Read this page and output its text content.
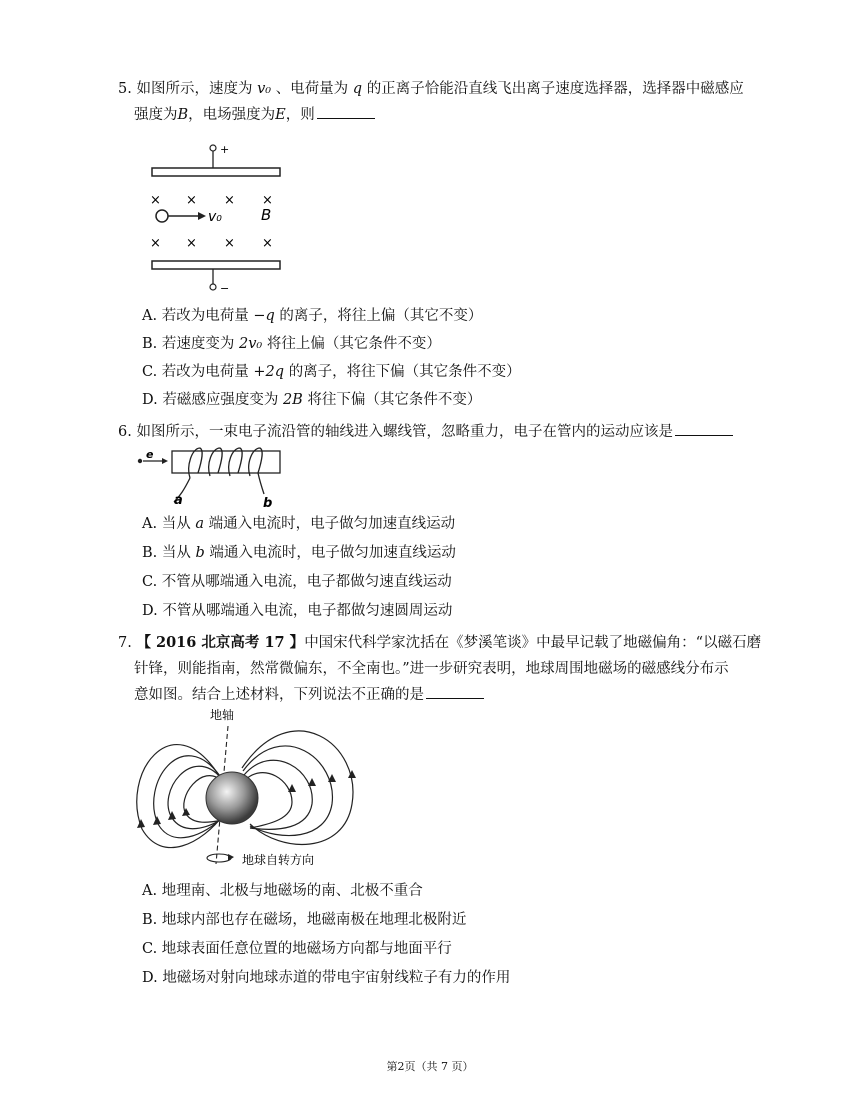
5. 如图所示，速度为 v₀ 、电荷量为 q 的正离子恰能沿直线飞出离子速度选择器，选择器中磁感应
强度为B，电场强度为E，则
+
× × × ×
× × × ×
v₀	B
−
A. 若改为电荷量 −q 的离子，将往上偏（其它不变）
B. 若速度变为 2v₀ 将往上偏（其它条件不变）
C. 若改为电荷量 +2q 的离子，将往下偏（其它条件不变）
D. 若磁感应强度变为 2B 将往下偏（其它条件不变）
6. 如图所示，一束电子流沿管的轴线进入螺线管，忽略重力，电子在管内的运动应该是
e
a	b
A. 当从 a 端通入电流时，电子做匀加速直线运动
B. 当从 b 端通入电流时，电子做匀加速直线运动
C. 不管从哪端通入电流，电子都做匀速直线运动
D. 不管从哪端通入电流，电子都做匀速圆周运动
7. 【 2016 北京高考 17 】中国宋代科学家沈括在《梦溪笔谈》中最早记载了地磁偏角：“以磁石磨
针锋，则能指南，然常微偏东，不全南也。”进一步研究表明，地球周围地磁场的磁感线分布示
意如图。结合上述材料，下列说法不正确的是
地轴
地球自转方向
A. 地理南、北极与地磁场的南、北极不重合
B. 地球内部也存在磁场，地磁南极在地理北极附近
C. 地球表面任意位置的地磁场方向都与地面平行
D. 地磁场对射向地球赤道的带电宇宙射线粒子有力的作用
第2页（共 7 页）
